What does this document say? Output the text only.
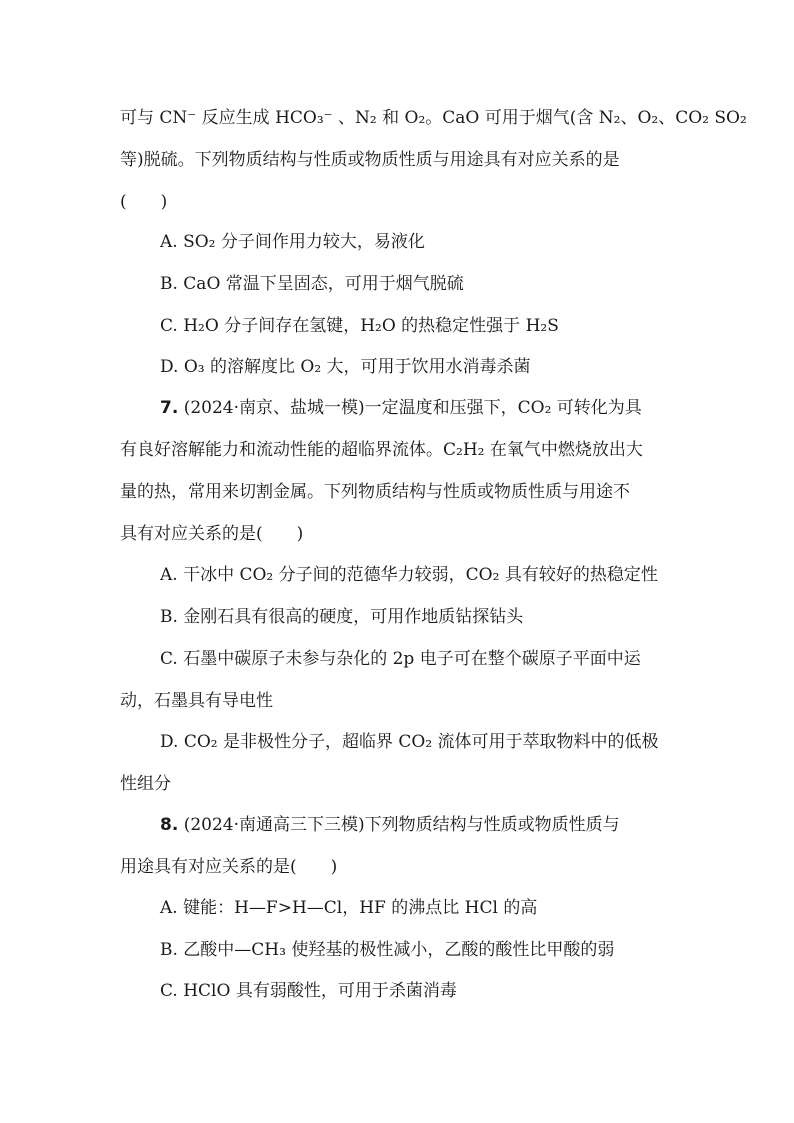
可与 CN⁻ 反应生成 HCO₃⁻ 、N₂ 和 O₂。CaO 可用于烟气(含 N₂、O₂、CO₂ SO₂
等)脱硫。下列物质结构与性质或物质性质与用途具有对应关系的是
(　　)
A. SO₂ 分子间作用力较大，易液化
B. CaO 常温下呈固态，可用于烟气脱硫
C. H₂O 分子间存在氢键，H₂O 的热稳定性强于 H₂S
D. O₃ 的溶解度比 O₂ 大，可用于饮用水消毒杀菌
7. (2024·南京、盐城一模)一定温度和压强下，CO₂ 可转化为具
有良好溶解能力和流动性能的超临界流体。C₂H₂ 在氧气中燃烧放出大
量的热，常用来切割金属。下列物质结构与性质或物质性质与用途不
具有对应关系的是(　　)
A. 干冰中 CO₂ 分子间的范德华力较弱，CO₂ 具有较好的热稳定性
B. 金刚石具有很高的硬度，可用作地质钻探钻头
C. 石墨中碳原子未参与杂化的 2p 电子可在整个碳原子平面中运
动，石墨具有导电性
D. CO₂ 是非极性分子，超临界 CO₂ 流体可用于萃取物料中的低极
性组分
8. (2024·南通高三下三模)下列物质结构与性质或物质性质与
用途具有对应关系的是(　　)
A. 键能：H—F>H—Cl，HF 的沸点比 HCl 的高
B. 乙酸中—CH₃ 使羟基的极性减小，乙酸的酸性比甲酸的弱
C. HClO 具有弱酸性，可用于杀菌消毒
